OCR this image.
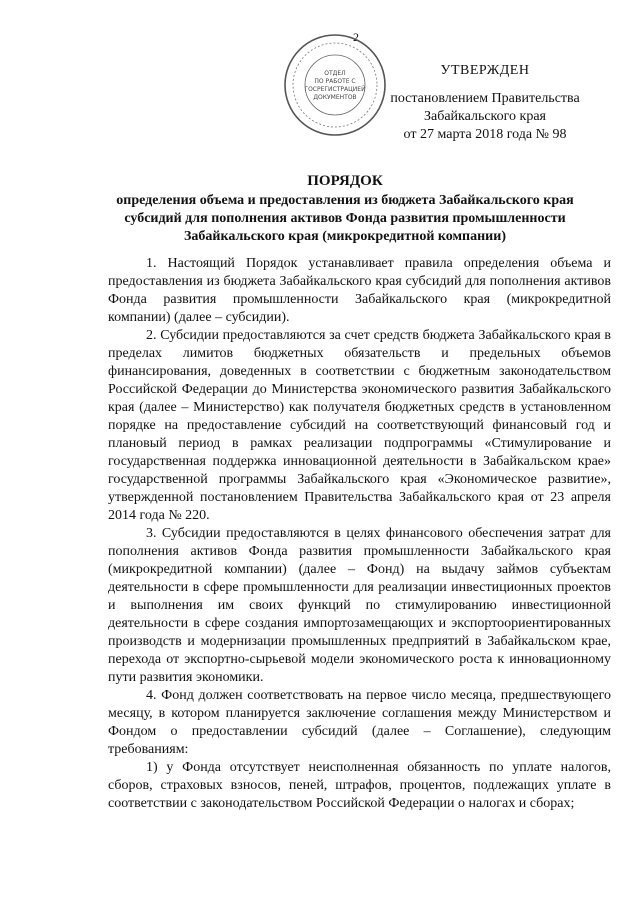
2
ОТДЕЛ
ПО РАБОТЕ С
ГОСРЕГИСТРАЦИЕЙ
ДОКУМЕНТОВ
УТВЕРЖДЕН
постановлением Правительства
Забайкальского края
от 27 марта 2018 года № 98
ПОРЯДОК
определения объема и предоставления из бюджета Забайкальского края субсидий для пополнения активов Фонда развития промышленности Забайкальского края (микрокредитной компании)

1. Настоящий Порядок устанавливает правила определения объема и предоставления из бюджета Забайкальского края субсидий для пополнения активов Фонда развития промышленности Забайкальского края (микрокредитной компании) (далее – субсидии).

2. Субсидии предоставляются за счет средств бюджета Забайкальского края в пределах лимитов бюджетных обязательств и предельных объемов финансирования, доведенных в соответствии с бюджетным законодательством Российской Федерации до Министерства экономического развития Забайкальского края (далее – Министерство) как получателя бюджетных средств в установленном порядке на предоставление субсидий на соответствующий финансовый год и плановый период в рамках реализации подпрограммы «Стимулирование и государственная поддержка инновационной деятельности в Забайкальском крае» государственной программы Забайкальского края «Экономическое развитие», утвержденной постановлением Правительства Забайкальского края от 23 апреля 2014 года № 220.

3. Субсидии предоставляются в целях финансового обеспечения затрат для пополнения активов Фонда развития промышленности Забайкальского края (микрокредитной компании) (далее – Фонд) на выдачу займов субъектам деятельности в сфере промышленности для реализации инвестиционных проектов и выполнения им своих функций по стимулированию инвестиционной деятельности в сфере создания импортозамещающих и экспортоориентированных производств и модернизации промышленных предприятий в Забайкальском крае, перехода от экспортно-сырьевой модели экономического роста к инновационному пути развития экономики.

4. Фонд должен соответствовать на первое число месяца, предшествующего месяцу, в котором планируется заключение соглашения между Министерством и Фондом о предоставлении субсидий (далее – Соглашение), следующим требованиям:

1) у Фонда отсутствует неисполненная обязанность по уплате налогов, сборов, страховых взносов, пеней, штрафов, процентов, подлежащих уплате в соответствии с законодательством Российской Федерации о налогах и сборах;
